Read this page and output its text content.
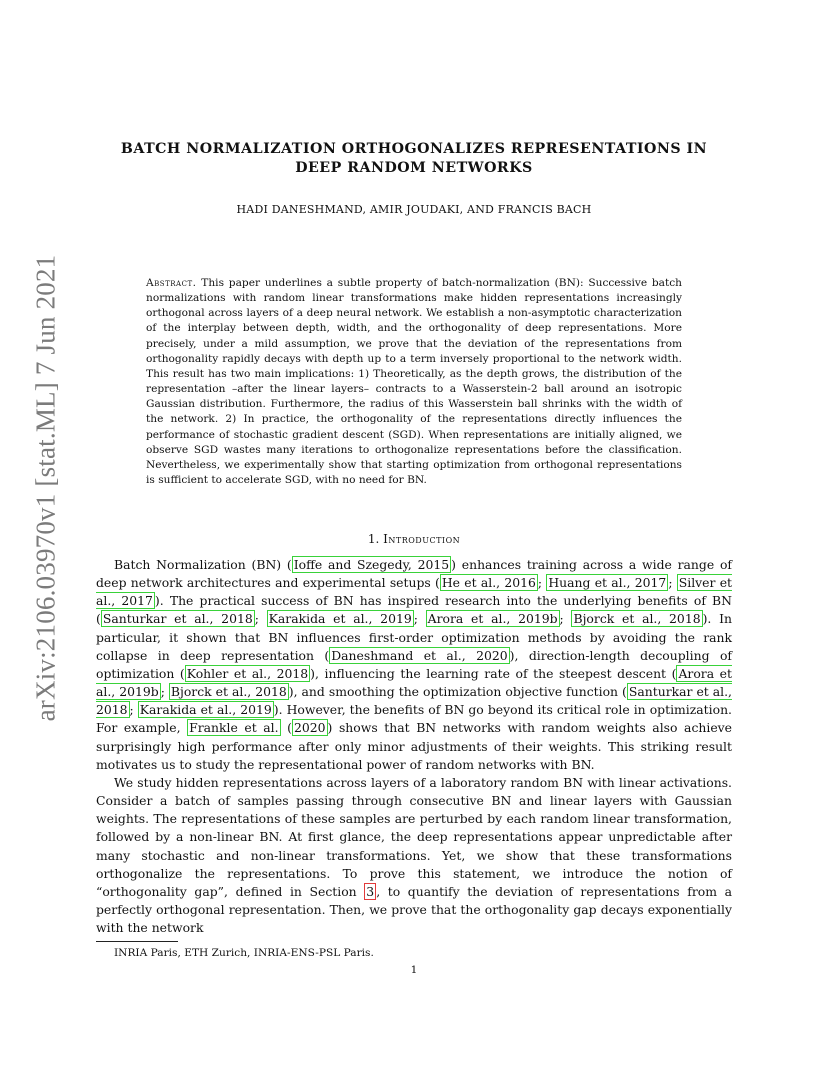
arXiv:2106.03970v1 [stat.ML] 7 Jun 2021
BATCH NORMALIZATION ORTHOGONALIZES REPRESENTATIONS IN
DEEP RANDOM NETWORKS
HADI DANESHMAND, AMIR JOUDAKI, AND FRANCIS BACH
Abstract. This paper underlines a subtle property of batch-normalization (BN): Successive batch normalizations with random linear transformations make hidden representations increasingly orthogonal across layers of a deep neural network. We establish a non-asymptotic characterization of the interplay between depth, width, and the orthogonality of deep representations. More precisely, under a mild assumption, we prove that the deviation of the representations from orthogonality rapidly decays with depth up to a term inversely proportional to the network width. This result has two main implications: 1) Theoretically, as the depth grows, the distribution of the representation –after the linear layers– contracts to a Wasserstein-2 ball around an isotropic Gaussian distribution. Furthermore, the radius of this Wasserstein ball shrinks with the width of the network. 2) In practice, the orthogonality of the representations directly influences the performance of stochastic gradient descent (SGD). When representations are initially aligned, we observe SGD wastes many iterations to orthogonalize representations before the classification. Nevertheless, we experimentally show that starting optimization from orthogonal representations is sufficient to accelerate SGD, with no need for BN.
1. Introduction

Batch Normalization (BN) ( Ioffe and Szegedy, 2015 ) enhances training across a wide range of deep network architectures and experimental setups ( He et al., 2016 ; Huang et al., 2017 ; Silver et al., 2017 ). The practical success of BN has inspired research into the underlying benefits of BN ( Santurkar et al., 2018 ; Karakida et al., 2019 ; Arora et al., 2019b ; Bjorck et al., 2018 ). In particular, it shown that BN influences first-order optimization methods by avoiding the rank collapse in deep representation ( Daneshmand et al., 2020 ), direction-length decoupling of optimization ( Kohler et al., 2018 ), influencing the learning rate of the steepest descent ( Arora et al., 2019b ; Bjorck et al., 2018 ), and smoothing the optimization objective function ( Santurkar et al., 2018 ; Karakida et al., 2019 ). However, the benefits of BN go beyond its critical role in optimization. For example, Frankle et al. ( 2020 ) shows that BN networks with random weights also achieve surprisingly high performance after only minor adjustments of their weights. This striking result motivates us to study the representational power of random networks with BN.

We study hidden representations across layers of a laboratory random BN with linear activations. Consider a batch of samples passing through consecutive BN and linear layers with Gaussian weights. The representations of these samples are perturbed by each random linear transformation, followed by a non-linear BN. At first glance, the deep representations appear unpredictable after many stochastic and non-linear transformations. Yet, we show that these transformations orthogonalize the representations. To prove this statement, we introduce the notion of “orthogonality gap”, defined in Section 3 , to quantify the deviation of representations from a perfectly orthogonal representation. Then, we prove that the orthogonality gap decays exponentially with the network

INRIA Paris, ETH Zurich, INRIA-ENS-PSL Paris.
1
